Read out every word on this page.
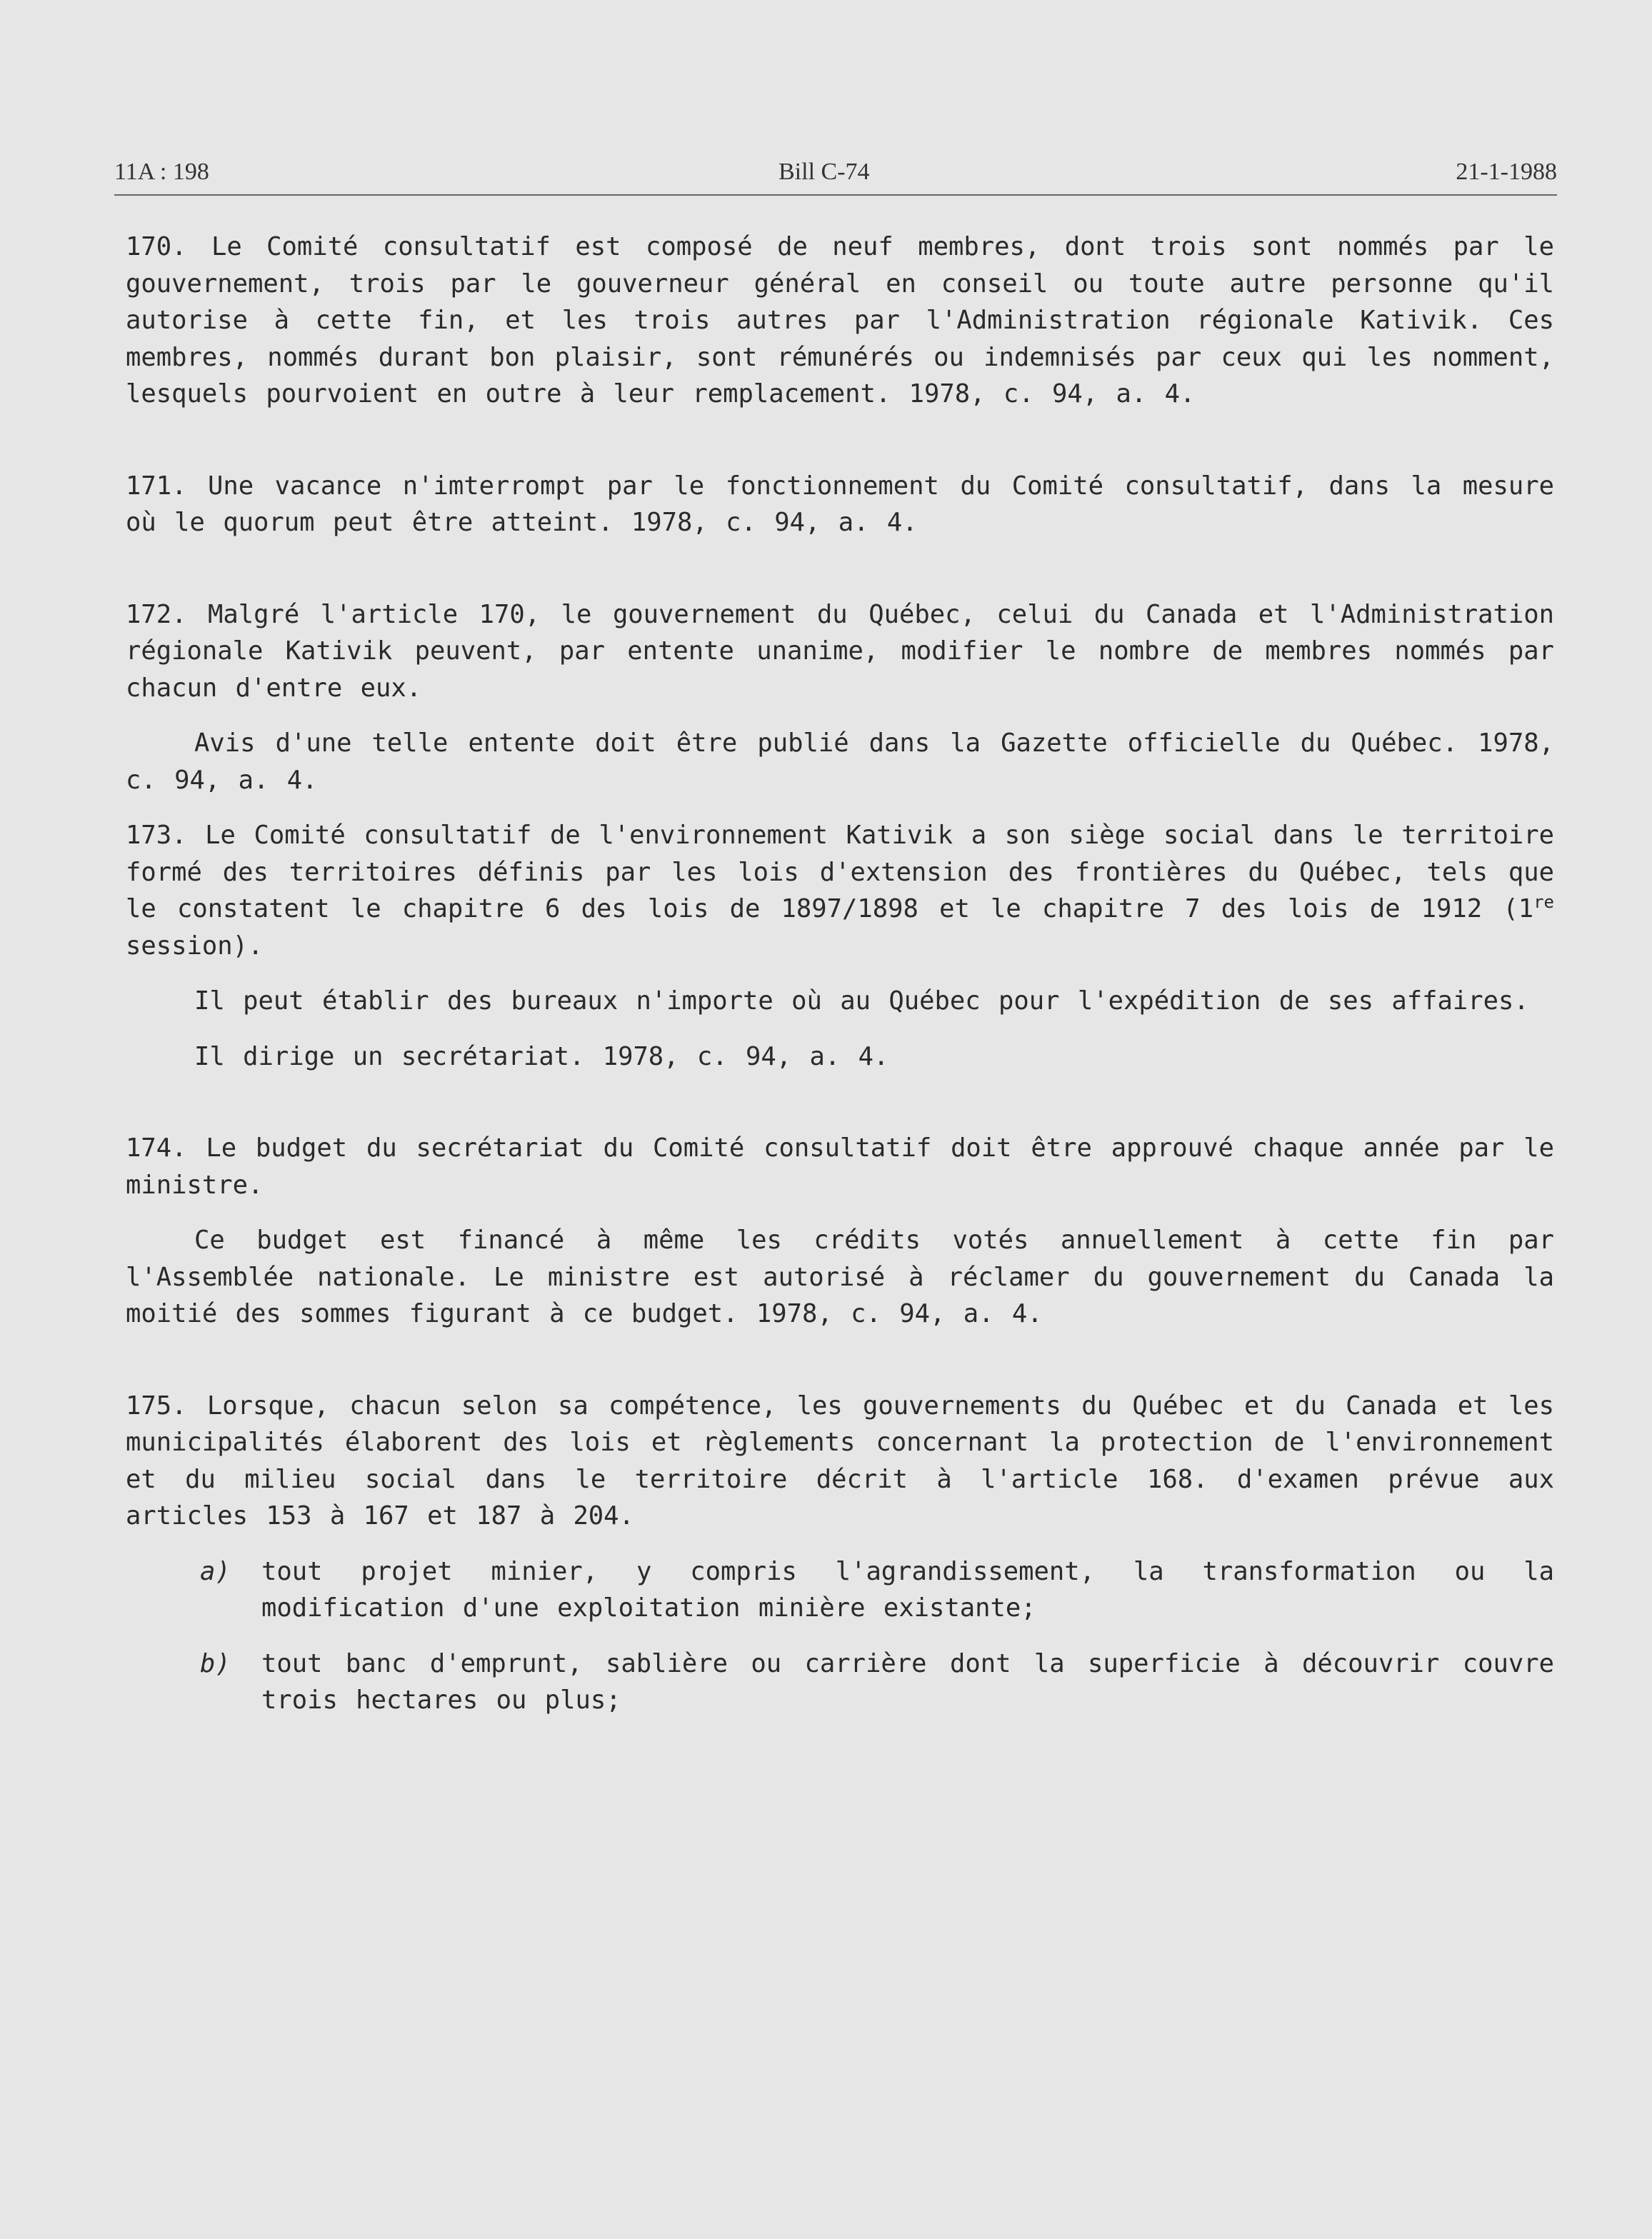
11A : 198	Bill C-74	21-1-1988

170. Le Comité consultatif est composé de neuf membres, dont trois sont nommés par le gouvernement, trois par le gouverneur général en conseil ou toute autre personne qu'il autorise à cette fin, et les trois autres par l'Administration régionale Kativik. Ces membres, nommés durant bon plaisir, sont rémunérés ou indemnisés par ceux qui les nomment, lesquels pourvoient en outre à leur remplacement. 1978, c. 94, a. 4.

171. Une vacance n'imterrompt par le fonctionnement du Comité consultatif, dans la mesure où le quorum peut être atteint. 1978, c. 94, a. 4.

172. Malgré l'article 170, le gouvernement du Québec, celui du Canada et l'Administration régionale Kativik peuvent, par entente unanime, modifier le nombre de membres nommés par chacun d'entre eux.

Avis d'une telle entente doit être publié dans la Gazette officielle du Québec. 1978, c. 94, a. 4.

173. Le Comité consultatif de l'environnement Kativik a son siège social dans le territoire formé des territoires définis par les lois d'extension des frontières du Québec, tels que le constatent le chapitre 6 des lois de 1897/1898 et le chapitre 7 des lois de 1912 (1re session).

Il peut établir des bureaux n'importe où au Québec pour l'expédition de ses affaires.

Il dirige un secrétariat. 1978, c. 94, a. 4.

174. Le budget du secrétariat du Comité consultatif doit être approuvé chaque année par le ministre.

Ce budget est financé à même les crédits votés annuellement à cette fin par l'Assemblée nationale. Le ministre est autorisé à réclamer du gouvernement du Canada la moitié des sommes figurant à ce budget. 1978, c. 94, a. 4.

175. Lorsque, chacun selon sa compétence, les gouvernements du Québec et du Canada et les municipalités élaborent des lois et règlements concernant la protection de l'environnement et du milieu social dans le territoire décrit à l'article 168. d'examen prévue aux articles 153 à 167 et 187 à 204.

a) tout projet minier, y compris l'agrandissement, la transformation ou la modification d'une exploitation minière existante;

b) tout banc d'emprunt, sablière ou carrière dont la superficie à découvrir couvre trois hectares ou plus;
